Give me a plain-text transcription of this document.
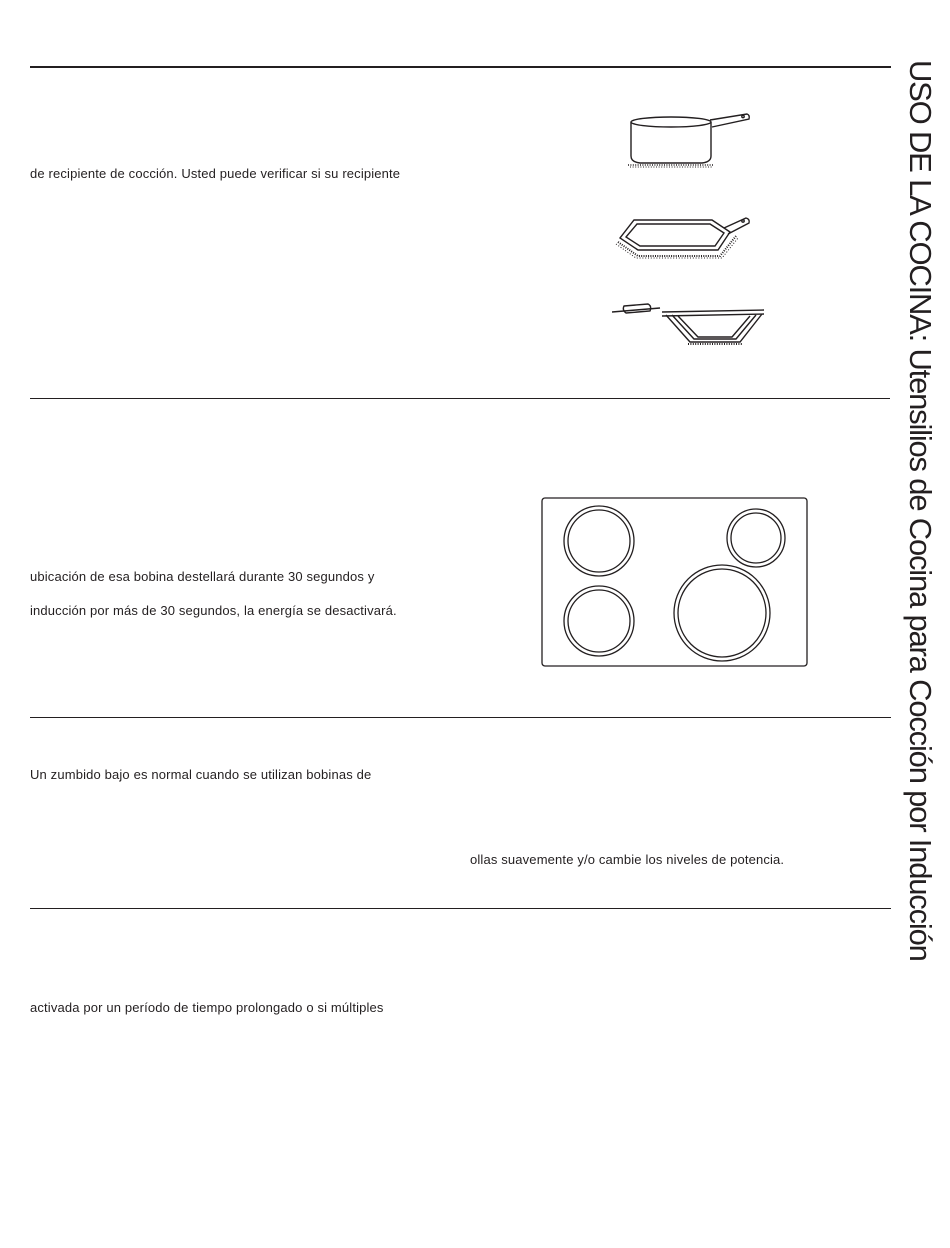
USO DE LA COCINA: Utensilios de Cocina para Cocción por Inducción
de recipiente de cocción. Usted puede verificar si su recipiente
ubicación de esa bobina destellará durante 30 segundos y
inducción por más de 30 segundos, la energía se desactivará.
Un zumbido bajo es normal cuando se utilizan bobinas de
ollas suavemente y/o cambie los niveles de potencia.
activada por un período de tiempo prolongado o si múltiples
